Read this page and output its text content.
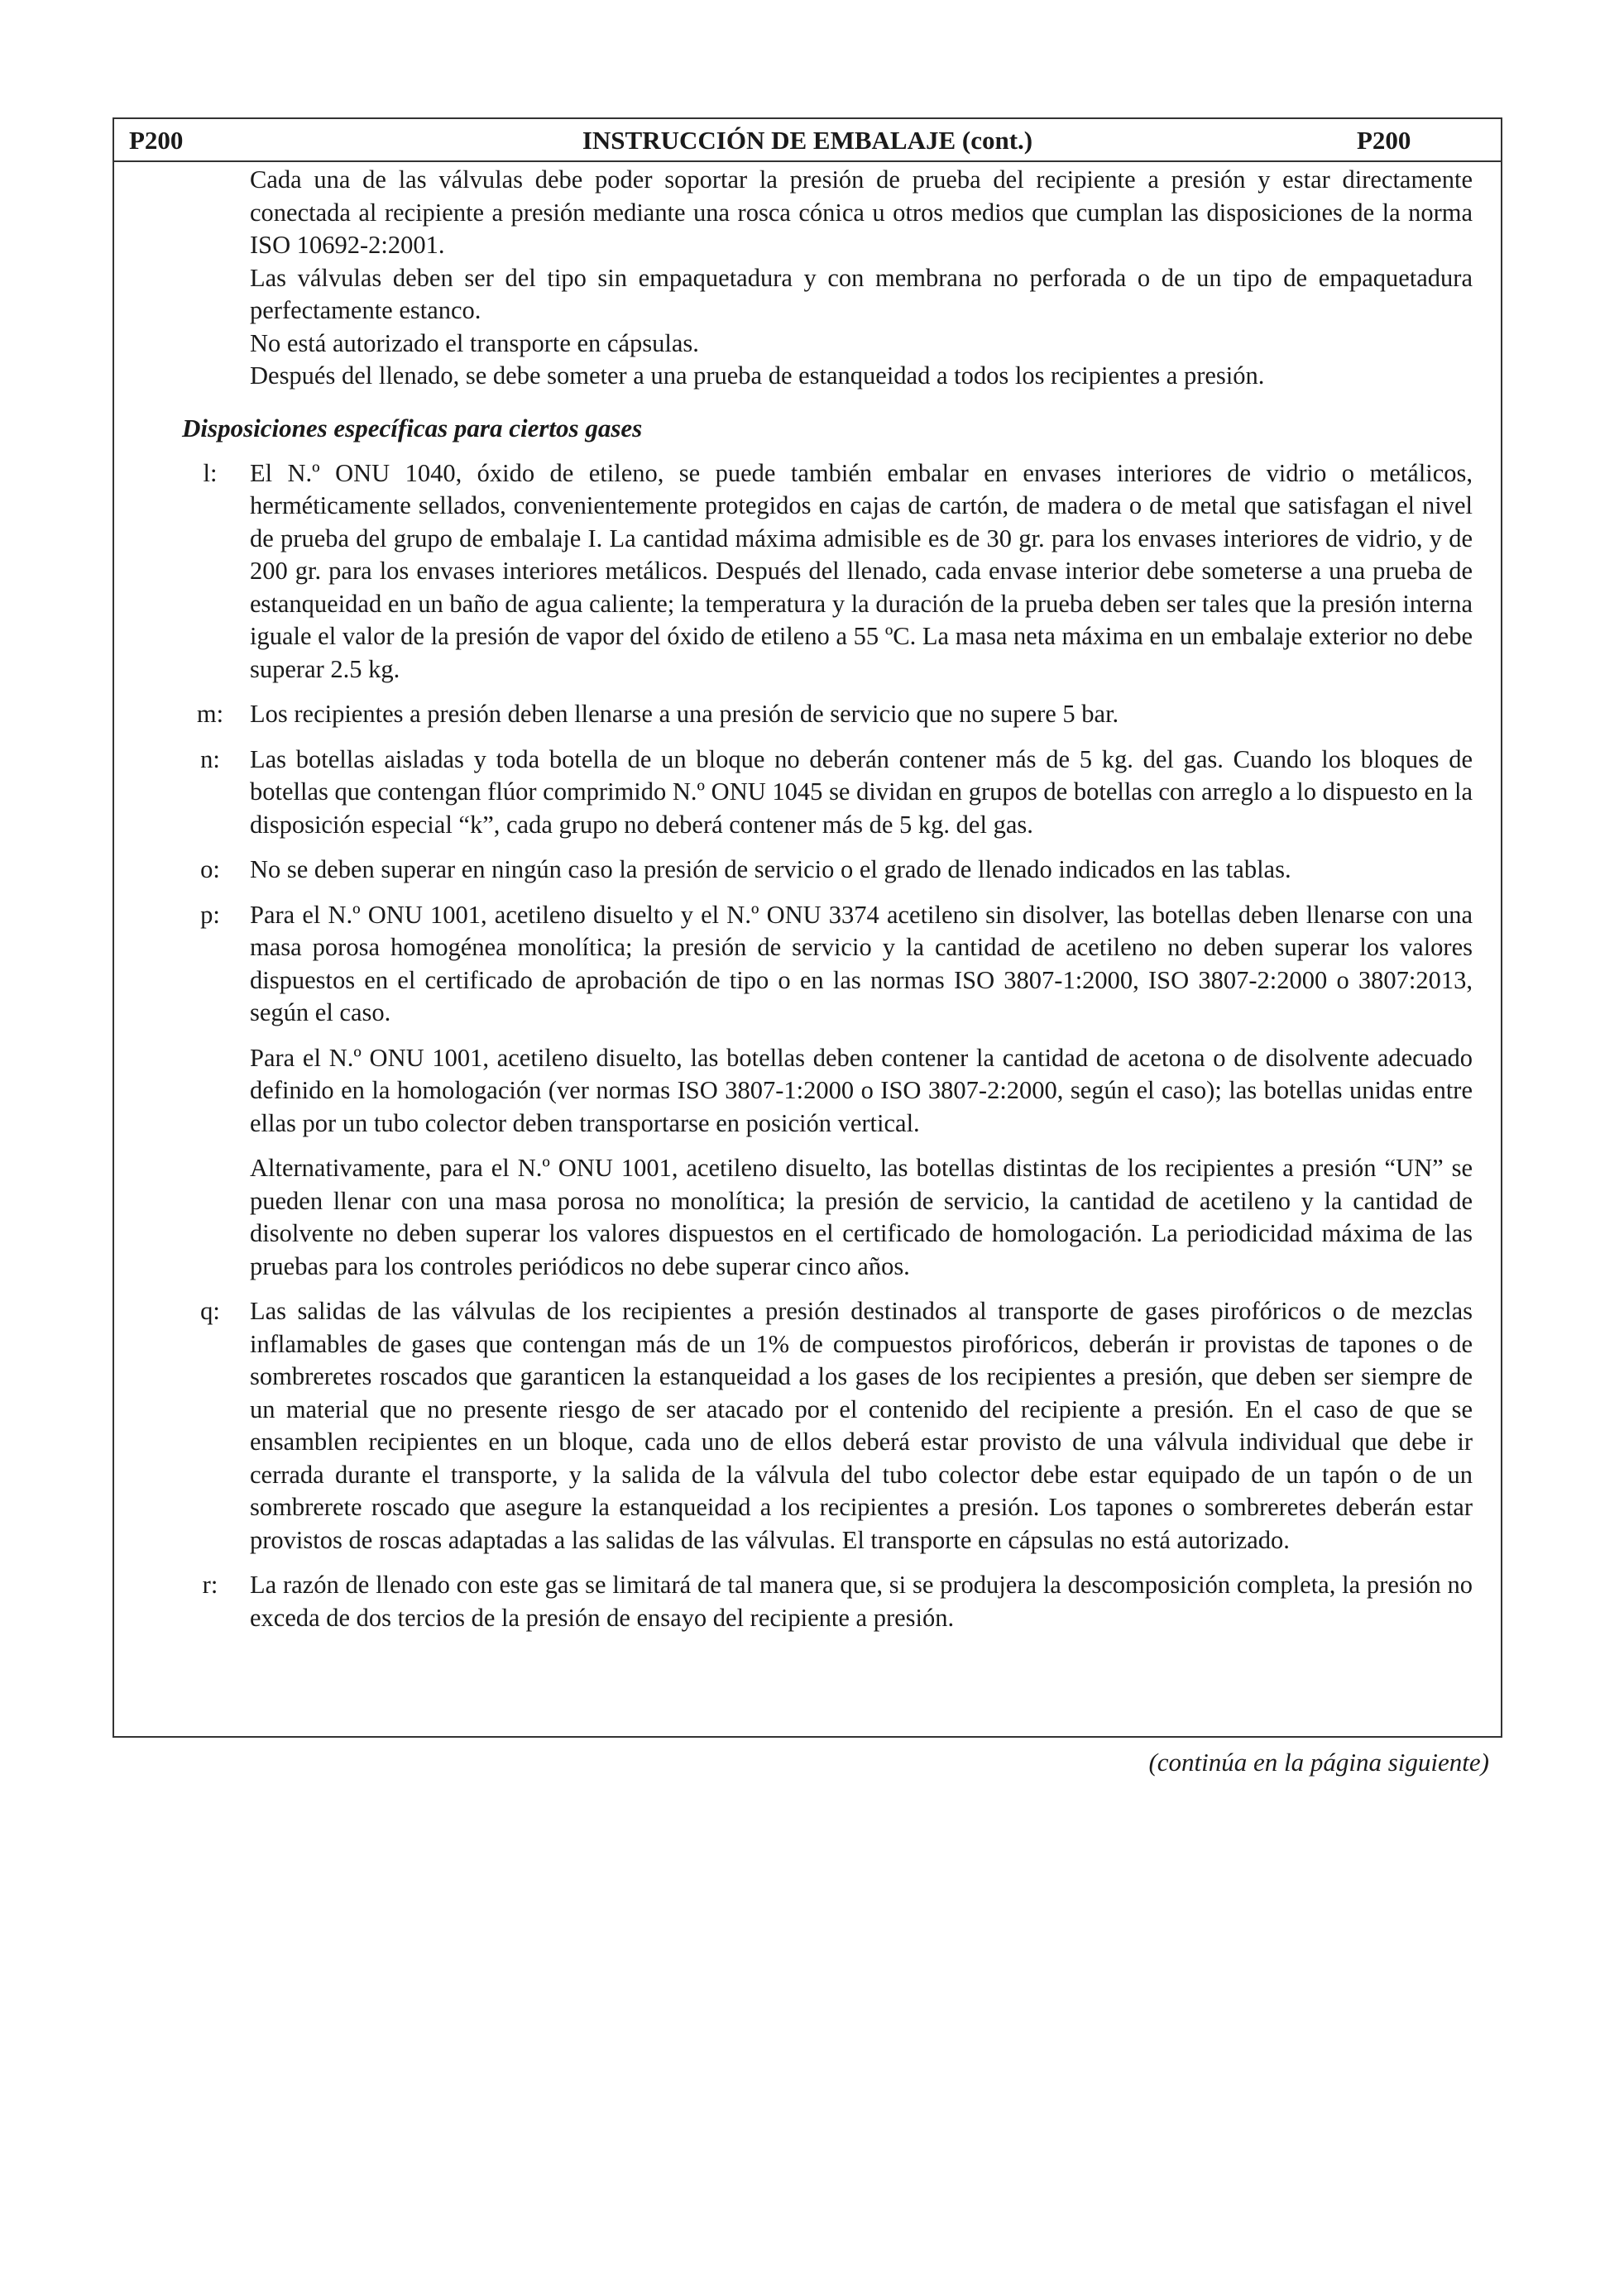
P200	INSTRUCCIÓN DE EMBALAJE (cont.)	P200

Cada una de las válvulas debe poder soportar la presión de prueba del recipiente a presión y estar directamente conectada al recipiente a presión mediante una rosca cónica u otros medios que cumplan las disposiciones de la norma ISO 10692-2:2001.

Las válvulas deben ser del tipo sin empaquetadura y con membrana no perforada o de un tipo de empaquetadura perfectamente estanco.

No está autorizado el transporte en cápsulas.

Después del llenado, se debe someter a una prueba de estanqueidad a todos los recipientes a presión.

Disposiciones específicas para ciertos gases
l:	El N.º ONU 1040, óxido de etileno, se puede también embalar en envases interiores de vidrio o metálicos, herméticamente sellados, convenientemente protegidos en cajas de cartón, de madera o de metal que satisfagan el nivel de prueba del grupo de embalaje I. La cantidad máxima admisible es de 30 gr. para los envases interiores de vidrio, y de 200 gr. para los envases interiores metálicos. Después del llenado, cada envase interior debe someterse a una prueba de estanqueidad en un baño de agua caliente; la temperatura y la duración de la prueba deben ser tales que la presión interna iguale el valor de la presión de vapor del óxido de etileno a 55 ºC. La masa neta máxima en un embalaje exterior no debe superar 2.5 kg.

m:	Los recipientes a presión deben llenarse a una presión de servicio que no supere 5 bar.

n:	Las botellas aisladas y toda botella de un bloque no deberán contener más de 5 kg. del gas. Cuando los bloques de botellas que contengan flúor comprimido N.º ONU 1045 se dividan en grupos de botellas con arreglo a lo dispuesto en la disposición especial “k”, cada grupo no deberá contener más de 5 kg. del gas.

o:	No se deben superar en ningún caso la presión de servicio o el grado de llenado indicados en las tablas.

p:	Para el N.º ONU 1001, acetileno disuelto y el N.º ONU 3374 acetileno sin disolver, las botellas deben llenarse con una masa porosa homogénea monolítica; la presión de servicio y la cantidad de acetileno no deben superar los valores dispuestos en el certificado de aprobación de tipo o en las normas ISO 3807-1:2000, ISO 3807-2:2000 o 3807:2013, según el caso.

Para el N.º ONU 1001, acetileno disuelto, las botellas deben contener la cantidad de acetona o de disolvente adecuado definido en la homologación (ver normas ISO 3807-1:2000 o ISO 3807-2:2000, según el caso); las botellas unidas entre ellas por un tubo colector deben transportarse en posición vertical.

Alternativamente, para el N.º ONU 1001, acetileno disuelto, las botellas distintas de los recipientes a presión “UN” se pueden llenar con una masa porosa no monolítica; la presión de servicio, la cantidad de acetileno y la cantidad de disolvente no deben superar los valores dispuestos en el certificado de homologación. La periodicidad máxima de las pruebas para los controles periódicos no debe superar cinco años.

q:	Las salidas de las válvulas de los recipientes a presión destinados al transporte de gases pirofóricos o de mezclas inflamables de gases que contengan más de un 1% de compuestos pirofóricos, deberán ir provistas de tapones o de sombreretes roscados que garanticen la estanqueidad a los gases de los recipientes a presión, que deben ser siempre de un material que no presente riesgo de ser atacado por el contenido del recipiente a presión. En el caso de que se ensamblen recipientes en un bloque, cada uno de ellos deberá estar provisto de una válvula individual que debe ir cerrada durante el transporte, y la salida de la válvula del tubo colector debe estar equipado de un tapón o de un sombrerete roscado que asegure la estanqueidad a los recipientes a presión. Los tapones o sombreretes deberán estar provistos de roscas adaptadas a las salidas de las válvulas. El transporte en cápsulas no está autorizado.

r:	La razón de llenado con este gas se limitará de tal manera que, si se produjera la descomposición completa, la presión no exceda de dos tercios de la presión de ensayo del recipiente a presión.

(continúa en la página siguiente)
